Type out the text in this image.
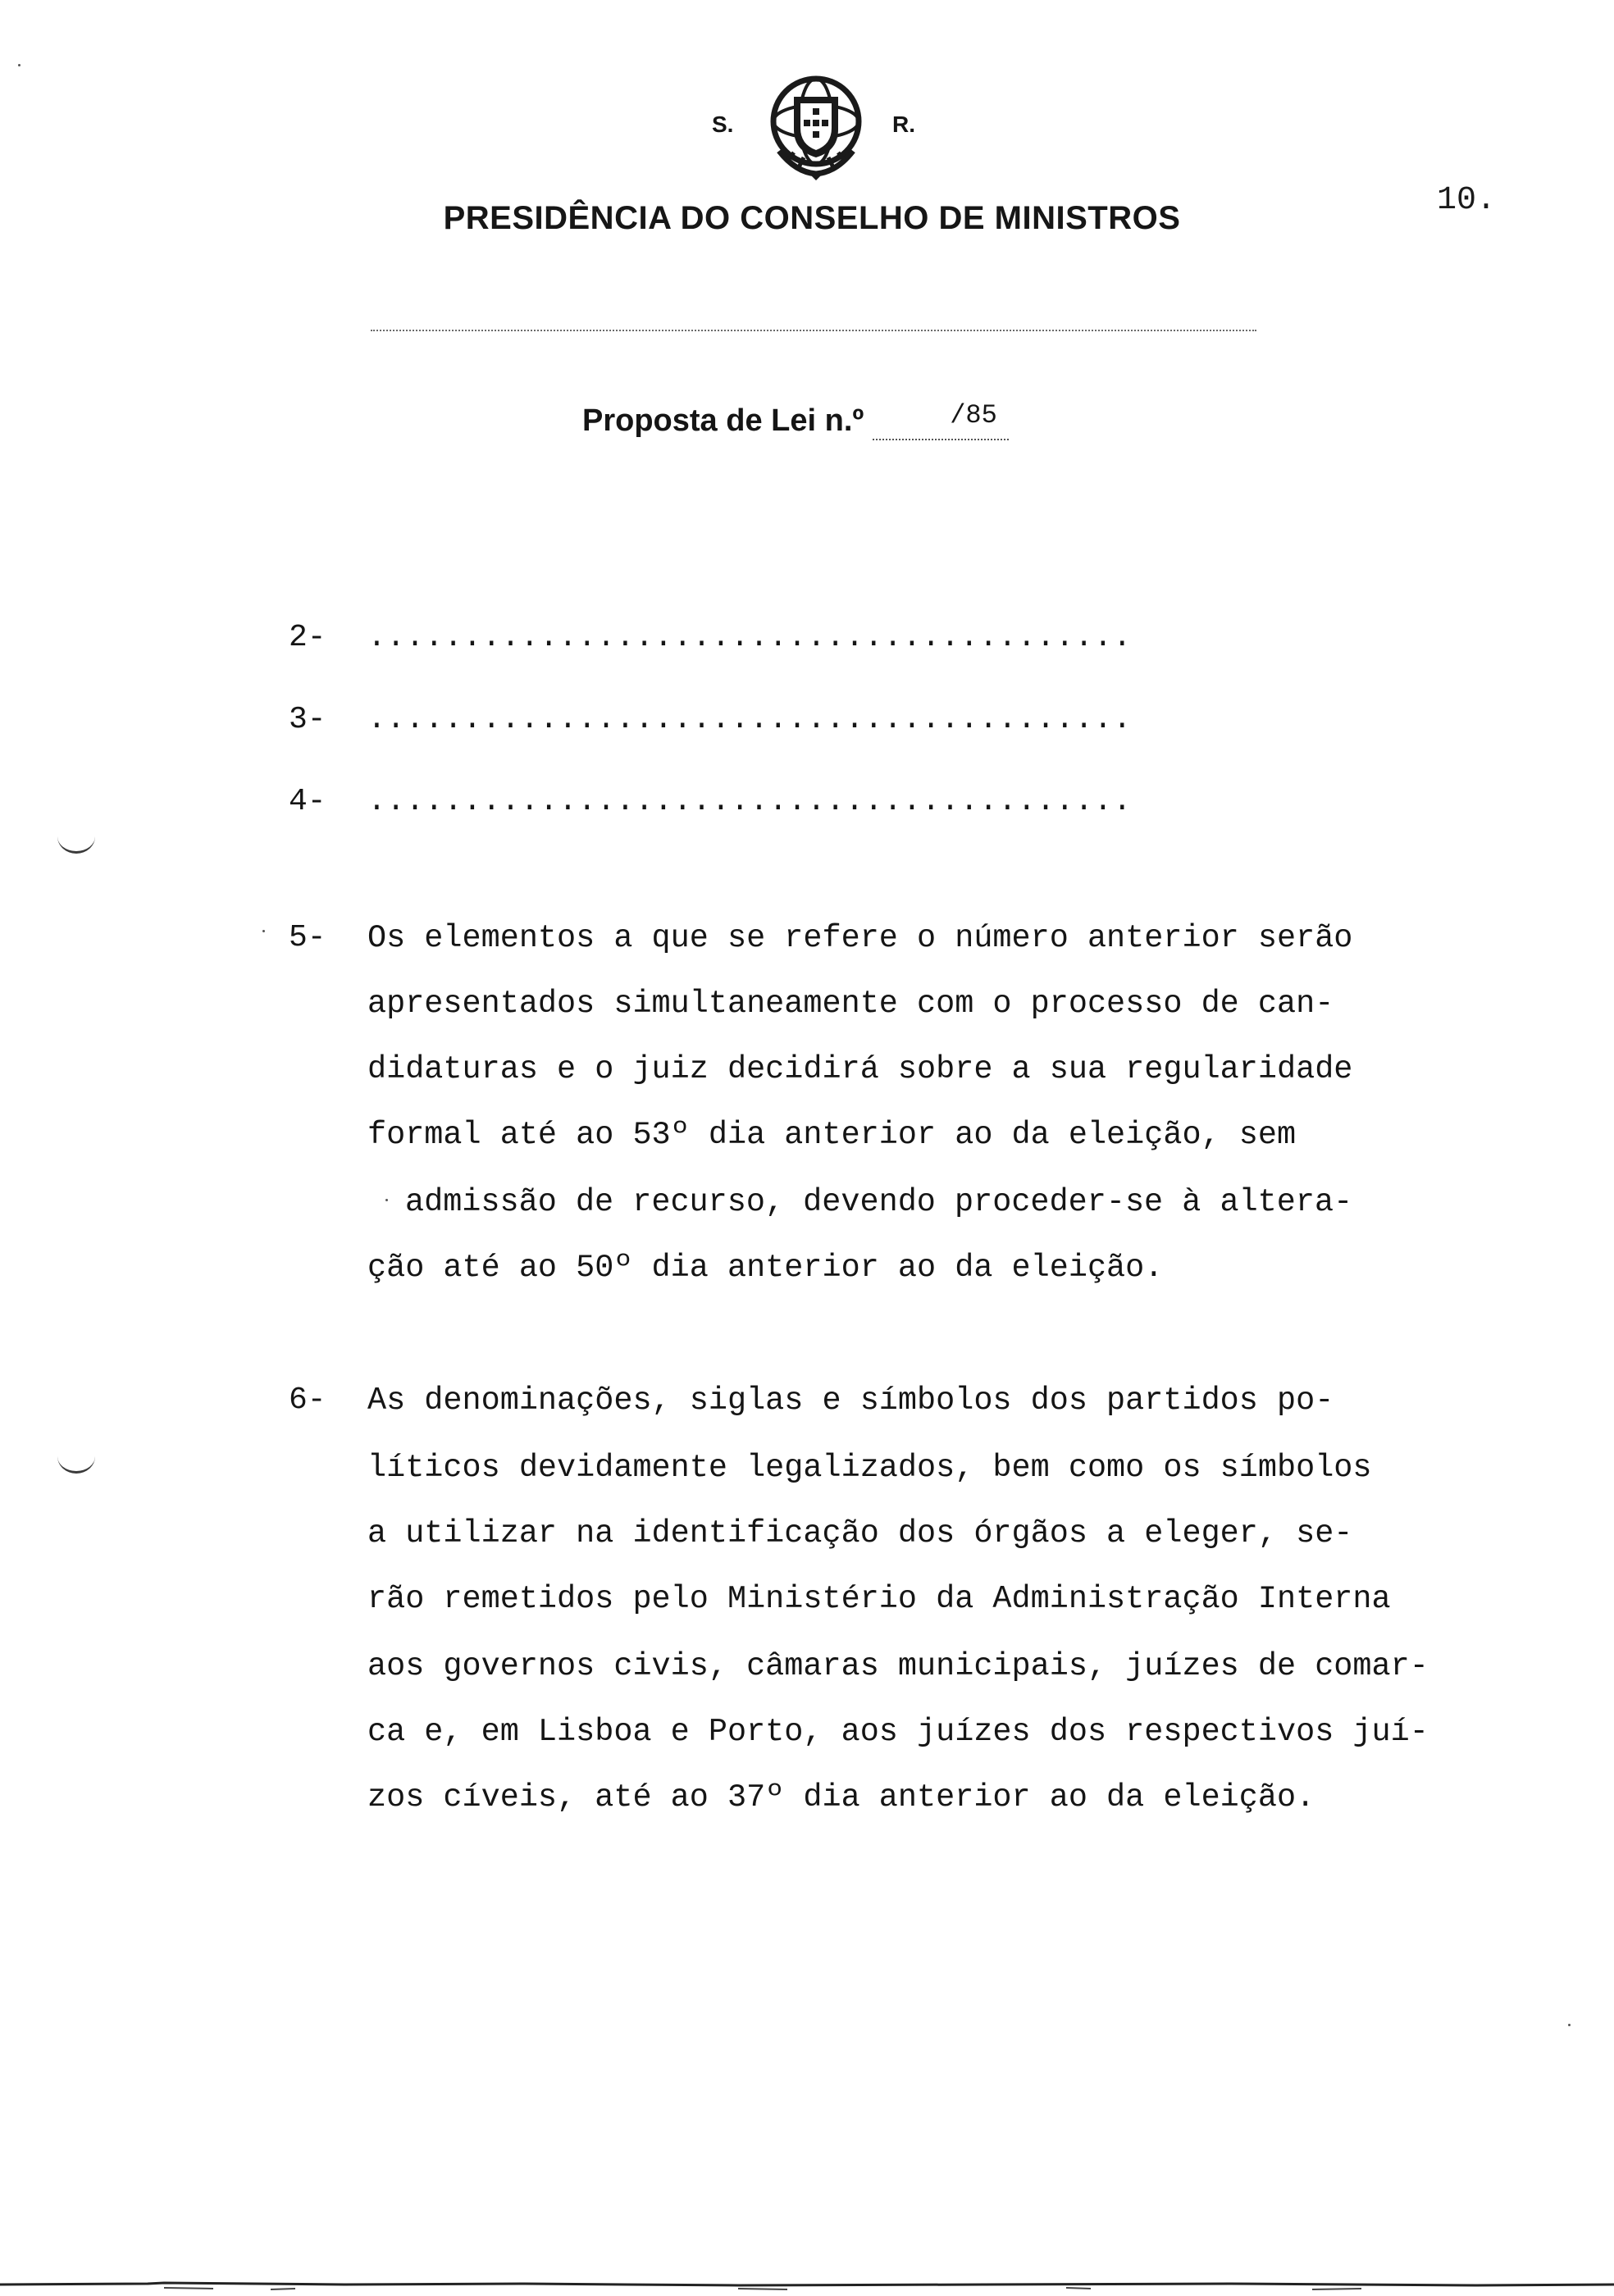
S.	R.
PRESIDÊNCIA DO CONSELHO DE MINISTROS	10.
Proposta de Lei n.º	$^{/85}$
2- ........................................
3- ........................................
4- ........................................
5- Os elementos a que se refere o número anterior serão

apresentados simultaneamente com o processo de can-

didaturas e o juiz decidirá sobre a sua regularidade

formal até ao 53º dia anterior ao da eleição, sem

admissão de recurso, devendo proceder-se à altera-

ção até ao 50º dia anterior ao da eleição.

6- As denominações, siglas e símbolos dos partidos po-

líticos devidamente legalizados, bem como os símbolos

a utilizar na identificação dos órgãos a eleger, se-

rão remetidos pelo Ministério da Administração Interna

aos governos civis, câmaras municipais, juízes de comar-

ca e, em Lisboa e Porto, aos juízes dos respectivos juí-

zos cíveis, até ao 37º dia anterior ao da eleição.
